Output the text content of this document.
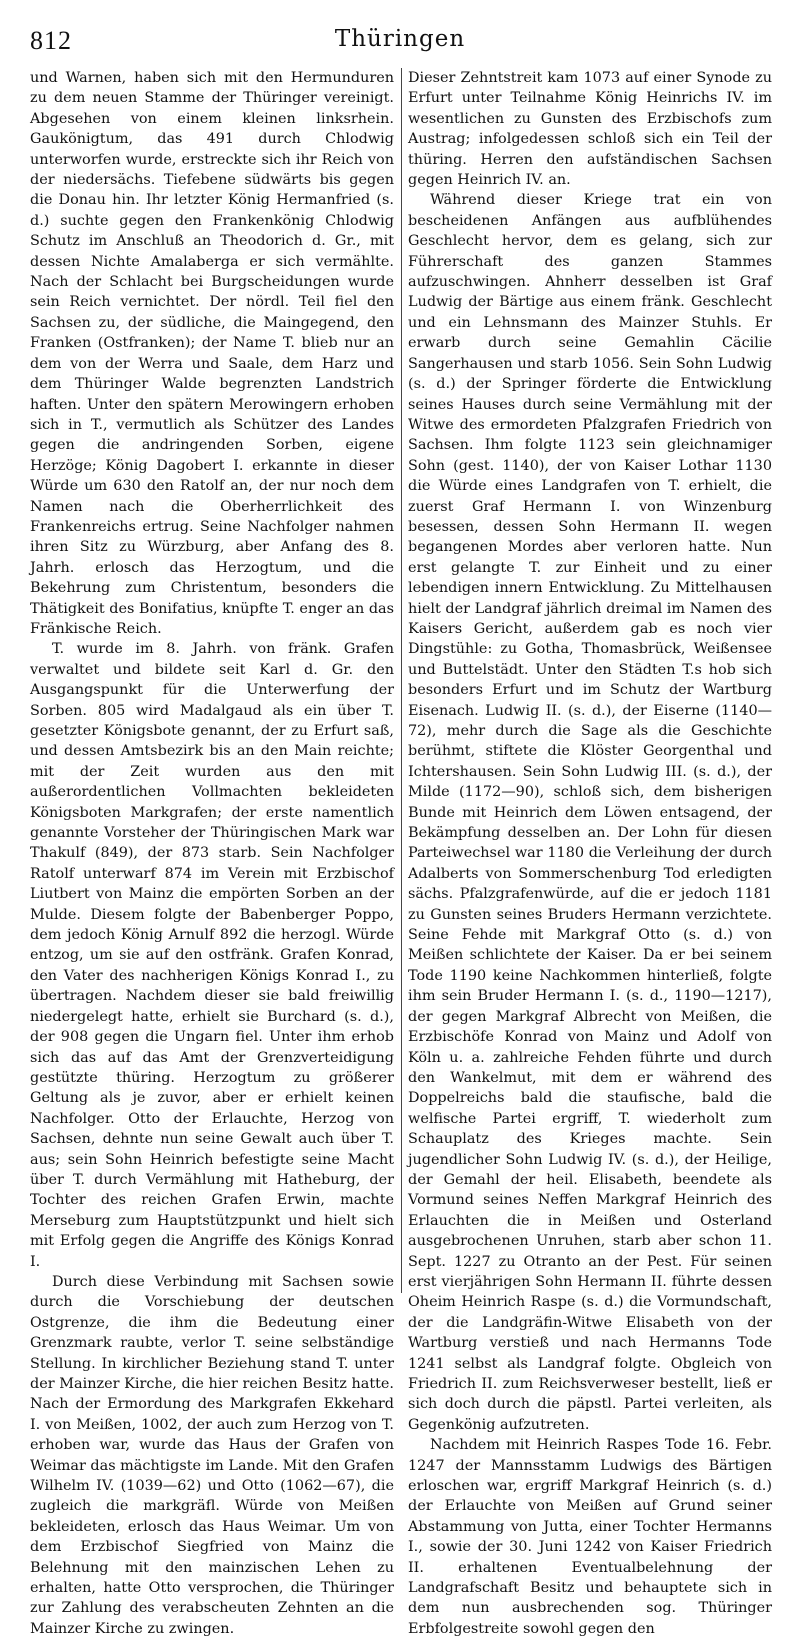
812	Thüringen

und Warnen, haben sich mit den Hermunduren zu dem neuen Stamme der Thüringer vereinigt. Abgesehen von einem kleinen linksrhein. Gaukönigtum, das 491 durch Chlodwig unterworfen wurde, erstreckte sich ihr Reich von der niedersächs. Tiefebene südwärts bis gegen die Donau hin. Ihr letzter König Hermanfried (s. d.) suchte gegen den Frankenkönig Chlodwig Schutz im Anschluß an Theodorich d. Gr., mit dessen Nichte Amalaberga er sich vermählte. Nach der Schlacht bei Burgscheidungen wurde sein Reich vernichtet. Der nördl. Teil fiel den Sachsen zu, der südliche, die Maingegend, den Franken (Ostfranken); der Name T. blieb nur an dem von der Werra und Saale, dem Harz und dem Thüringer Walde begrenzten Landstrich haften. Unter den spätern Merowingern erhoben sich in T., vermutlich als Schützer des Landes gegen die andringenden Sorben, eigene Herzöge; König Dagobert I. erkannte in dieser Würde um 630 den Ratolf an, der nur noch dem Namen nach die Oberherrlichkeit des Frankenreichs ertrug. Seine Nachfolger nahmen ihren Sitz zu Würzburg, aber Anfang des 8. Jahrh. erlosch das Herzogtum, und die Bekehrung zum Christentum, besonders die Thätigkeit des Bonifatius, knüpfte T. enger an das Fränkische Reich.

T. wurde im 8. Jahrh. von fränk. Grafen verwaltet und bildete seit Karl d. Gr. den Ausgangspunkt für die Unterwerfung der Sorben. 805 wird Madalgaud als ein über T. gesetzter Königsbote genannt, der zu Erfurt saß, und dessen Amtsbezirk bis an den Main reichte; mit der Zeit wurden aus den mit außerordentlichen Vollmachten bekleideten Königsboten Markgrafen; der erste namentlich genannte Vorsteher der Thüringischen Mark war Thakulf (849), der 873 starb. Sein Nachfolger Ratolf unterwarf 874 im Verein mit Erzbischof Liutbert von Mainz die empörten Sorben an der Mulde. Diesem folgte der Babenberger Poppo, dem jedoch König Arnulf 892 die herzogl. Würde entzog, um sie auf den ostfränk. Grafen Konrad, den Vater des nachherigen Königs Konrad I., zu übertragen. Nachdem dieser sie bald freiwillig niedergelegt hatte, erhielt sie Burchard (s. d.), der 908 gegen die Ungarn fiel. Unter ihm erhob sich das auf das Amt der Grenzverteidigung gestützte thüring. Herzogtum zu größerer Geltung als je zuvor, aber er erhielt keinen Nachfolger. Otto der Erlauchte, Herzog von Sachsen, dehnte nun seine Gewalt auch über T. aus; sein Sohn Heinrich befestigte seine Macht über T. durch Vermählung mit Hatheburg, der Tochter des reichen Grafen Erwin, machte Merseburg zum Hauptstützpunkt und hielt sich mit Erfolg gegen die Angriffe des Königs Konrad I.

Durch diese Verbindung mit Sachsen sowie durch die Vorschiebung der deutschen Ostgrenze, die ihm die Bedeutung einer Grenzmark raubte, verlor T. seine selbständige Stellung. In kirchlicher Beziehung stand T. unter der Mainzer Kirche, die hier reichen Besitz hatte. Nach der Ermordung des Markgrafen Ekkehard I. von Meißen, 1002, der auch zum Herzog von T. erhoben war, wurde das Haus der Grafen von Weimar das mächtigste im Lande. Mit den Grafen Wilhelm IV. (1039—62) und Otto (1062—67), die zugleich die markgräfl. Würde von Meißen bekleideten, erlosch das Haus Weimar. Um von dem Erzbischof Siegfried von Mainz die Belehnung mit den mainzischen Lehen zu erhalten, hatte Otto versprochen, die Thüringer zur Zahlung des verabscheuten Zehnten an die Mainzer Kirche zu zwingen.

Dieser Zehntstreit kam 1073 auf einer Synode zu Erfurt unter Teilnahme König Heinrichs IV. im wesentlichen zu Gunsten des Erzbischofs zum Austrag; infolgedessen schloß sich ein Teil der thüring. Herren den aufständischen Sachsen gegen Heinrich IV. an.

Während dieser Kriege trat ein von bescheidenen Anfängen aus aufblühendes Geschlecht hervor, dem es gelang, sich zur Führerschaft des ganzen Stammes aufzuschwingen. Ahnherr desselben ist Graf Ludwig der Bärtige aus einem fränk. Geschlecht und ein Lehnsmann des Mainzer Stuhls. Er erwarb durch seine Gemahlin Cäcilie Sangerhausen und starb 1056. Sein Sohn Ludwig (s. d.) der Springer förderte die Entwicklung seines Hauses durch seine Vermählung mit der Witwe des ermordeten Pfalzgrafen Friedrich von Sachsen. Ihm folgte 1123 sein gleichnamiger Sohn (gest. 1140), der von Kaiser Lothar 1130 die Würde eines Landgrafen von T. erhielt, die zuerst Graf Hermann I. von Winzenburg besessen, dessen Sohn Hermann II. wegen begangenen Mordes aber verloren hatte. Nun erst gelangte T. zur Einheit und zu einer lebendigen innern Entwicklung. Zu Mittelhausen hielt der Landgraf jährlich dreimal im Namen des Kaisers Gericht, außerdem gab es noch vier Dingstühle: zu Gotha, Thomasbrück, Weißensee und Buttelstädt. Unter den Städten T.s hob sich besonders Erfurt und im Schutz der Wartburg Eisenach. Ludwig II. (s. d.), der Eiserne (1140—72), mehr durch die Sage als die Geschichte berühmt, stiftete die Klöster Georgenthal und Ichtershausen. Sein Sohn Ludwig III. (s. d.), der Milde (1172—90), schloß sich, dem bisherigen Bunde mit Heinrich dem Löwen entsagend, der Bekämpfung desselben an. Der Lohn für diesen Parteiwechsel war 1180 die Verleihung der durch Adalberts von Sommerschenburg Tod erledigten sächs. Pfalzgrafenwürde, auf die er jedoch 1181 zu Gunsten seines Bruders Hermann verzichtete. Seine Fehde mit Markgraf Otto (s. d.) von Meißen schlichtete der Kaiser. Da er bei seinem Tode 1190 keine Nachkommen hinterließ, folgte ihm sein Bruder Hermann I. (s. d., 1190—1217), der gegen Markgraf Albrecht von Meißen, die Erzbischöfe Konrad von Mainz und Adolf von Köln u. a. zahlreiche Fehden führte und durch den Wankelmut, mit dem er während des Doppelreichs bald die staufische, bald die welfische Partei ergriff, T. wiederholt zum Schauplatz des Krieges machte. Sein jugendlicher Sohn Ludwig IV. (s. d.), der Heilige, der Gemahl der heil. Elisabeth, beendete als Vormund seines Neffen Markgraf Heinrich des Erlauchten die in Meißen und Osterland ausgebrochenen Unruhen, starb aber schon 11. Sept. 1227 zu Otranto an der Pest. Für seinen erst vierjährigen Sohn Hermann II. führte dessen Oheim Heinrich Raspe (s. d.) die Vormundschaft, der die Landgräfin-Witwe Elisabeth von der Wartburg verstieß und nach Hermanns Tode 1241 selbst als Landgraf folgte. Obgleich von Friedrich II. zum Reichsverweser bestellt, ließ er sich doch durch die päpstl. Partei verleiten, als Gegenkönig aufzutreten.

Nachdem mit Heinrich Raspes Tode 16. Febr. 1247 der Mannsstamm Ludwigs des Bärtigen erloschen war, ergriff Markgraf Heinrich (s. d.) der Erlauchte von Meißen auf Grund seiner Abstammung von Jutta, einer Tochter Hermanns I., sowie der 30. Juni 1242 von Kaiser Friedrich II. erhaltenen Eventualbelehnung der Landgrafschaft Besitz und behauptete sich in dem nun ausbrechenden sog. Thüringer Erbfolgestreite sowohl gegen den
